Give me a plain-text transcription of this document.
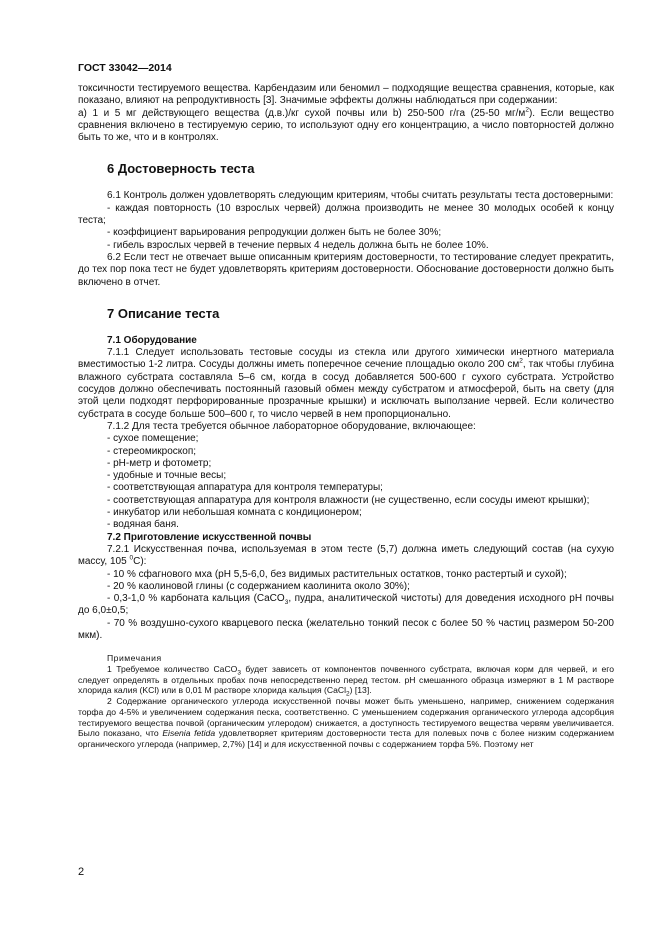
ГОСТ 33042—2014

токсичности тестируемого вещества. Карбендазим или беномил – подходящие вещества сравнения, которые, как показано, влияют на репродуктивность [3]. Значимые эффекты должны наблюдаться при содержании:

a) 1 и 5 мг действующего вещества (д.в.)/кг сухой почвы или b) 250-500 г/га (25-50 $мг/м^2$). Если вещество сравнения включено в тестируемую серию, то используют одну его концентрацию, а число повторностей должно быть то же, что и в контролях.

6 Достоверность теста

6.1 Контроль должен удовлетворять следующим критериям, чтобы считать результаты теста достоверными:

- каждая повторность (10 взрослых червей) должна производить не менее 30 молодых особей к концу теста;

- коэффициент варьирования репродукции должен быть не более 30%;

- гибель взрослых червей в течение первых 4 недель должна быть не более 10%.

6.2 Если тест не отвечает выше описанным критериям достоверности, то тестирование следует прекратить, до тех пор пока тест не будет удовлетворять критериям достоверности. Обоснование достоверности должно быть включено в отчет.

7 Описание теста
7.1 Оборудование

7.1.1 Следует использовать тестовые сосуды из стекла или другого химически инертного материала вместимостью 1-2 литра. Сосуды должны иметь поперечное сечение площадью около 200 $см^2$, так чтобы глубина влажного субстрата составляла 5–6 см, когда в сосуд добавляется 500-600 г сухого субстрата. Устройство сосудов должно обеспечивать постоянный газовый обмен между субстратом и атмосферой, быть на свету (для этой цели подходят перфорированные прозрачные крышки) и исключать выползание червей. Если количество субстрата в сосуде больше 500–600 г, то число червей в нем пропорционально.

7.1.2 Для теста требуется обычное лабораторное оборудование, включающее:

- сухое помещение;

- стереомикроскоп;

- рН-метр и фотометр;

- удобные и точные весы;

- соответствующая аппаратура для контроля температуры;

- соответствующая аппаратура для контроля влажности (не существенно, если сосуды имеют крышки);

- инкубатор или небольшая комната с кондиционером;

- водяная баня.

7.2 Приготовление искусственной почвы

7.2.1 Искусственная почва, используемая в этом тесте (5,7) должна иметь следующий состав (на сухую массу, 105 $^0$С):

- 10 % сфагнового мха (рН 5,5-6,0, без видимых растительных остатков, тонко растертый и сухой);

- 20 % каолиновой глины (с содержанием каолинита около 30%);

- 0,3-1,0 % карбоната кальция (CaCO$_3$, пудра, аналитической чистоты) для доведения исходного рН почвы до 6,0±0,5;

- 70 % воздушно-сухого кварцевого песка (желательно тонкий песок с более 50 % частиц размером 50-200 мкм).

Примечания

1 Требуемое количество CaCO$_3$ будет зависеть от компонентов почвенного субстрата, включая корм для червей, и его следует определять в отдельных пробах почв непосредственно перед тестом. рН смешанного образца измеряют в 1 М растворе хлорида калия (KCl) или в 0,01 М растворе хлорида кальция (CaCl$_2$) [13].

2 Содержание органического углерода искусственной почвы может быть уменьшено, например, снижением содержания торфа до 4-5% и увеличением содержания песка, соответственно. С уменьшением содержания органического углерода адсорбция тестируемого вещества почвой (органическим углеродом) снижается, а доступность тестируемого вещества червям увеличивается. Было показано, что Eisenia fetida удовлетворяет критериям достоверности теста для полевых почв с более низким содержанием органического углерода (например, 2,7%) [14] и для искусственной почвы с содержанием торфа 5%. Поэтому нет

2
